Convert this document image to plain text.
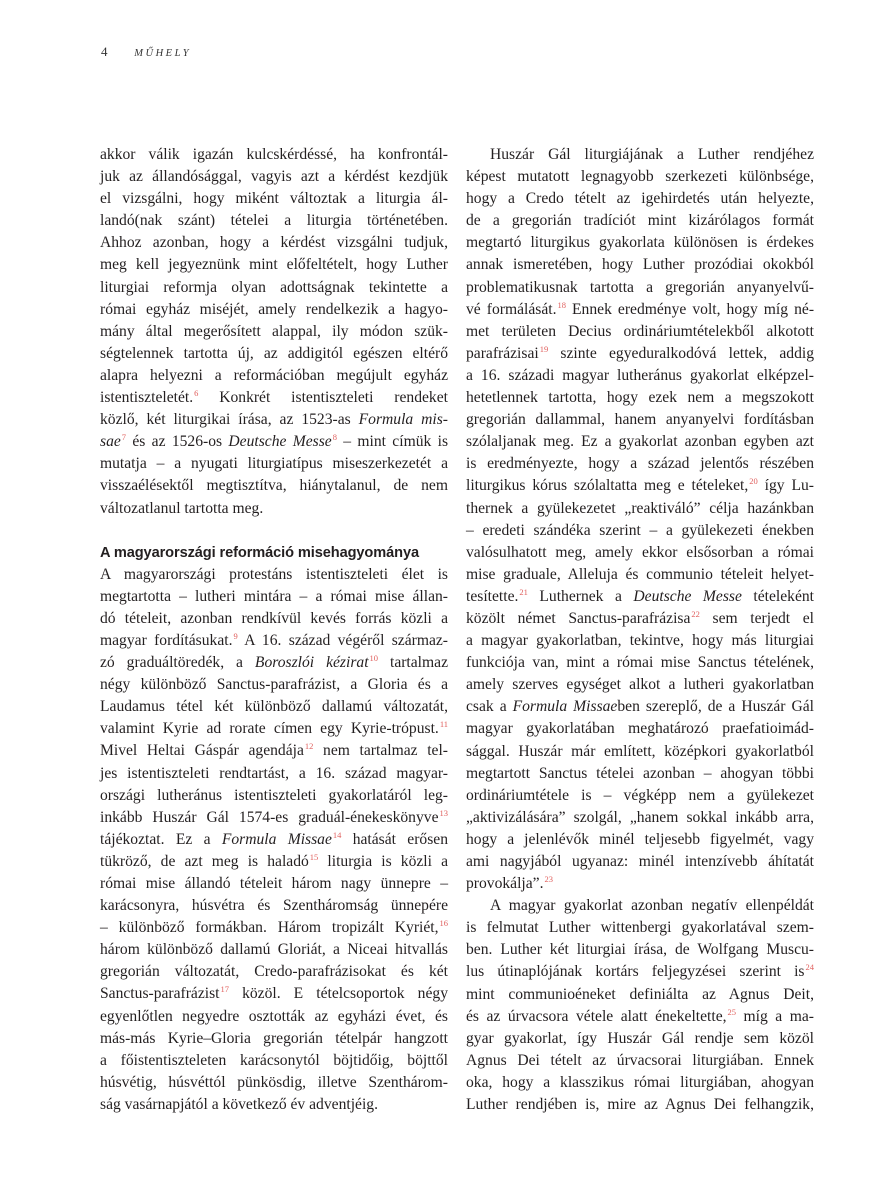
4	MŰHELY
akkor válik igazán kulcskérdéssé, ha konfrontál-
juk az állandósággal, vagyis azt a kérdést kezdjük
el vizsgálni, hogy miként változtak a liturgia ál-
landó(nak szánt) tételei a liturgia történetében.
Ahhoz azonban, hogy a kérdést vizsgálni tudjuk,
meg kell jegyeznünk mint előfeltételt, hogy Luther
liturgiai reformja olyan adottságnak tekintette a
római egyház miséjét, amely rendelkezik a hagyo-
mány által megerősített alappal, ily módon szük-
ségtelennek tartotta új, az addigitól egészen eltérő
alapra helyezni a reformációban megújult egyház
istentiszteletét.$^6$ Konkrét istentiszteleti rendeket
közlő, két liturgikai írása, az 1523-as Formula mis-
sae$^7$ és az 1526-os Deutsche Messe$^8$ – mint címük is
mutatja – a nyugati liturgiatípus miseszerkezetét a
visszaélésektől megtisztítva, hiánytalanul, de nem
változatlanul tartotta meg.
A magyarországi reformáció misehagyománya
A magyarországi protestáns istentiszteleti élet is
megtartotta – lutheri mintára – a római mise állan-
dó tételeit, azonban rendkívül kevés forrás közli a
magyar fordításukat.$^9$ A 16. század végéről származ-
zó graduáltöredék, a Boroszlói kézirat$^{10}$ tartalmaz
négy különböző Sanctus-parafrázist, a Gloria és a
Laudamus tétel két különböző dallamú változatát,
valamint Kyrie ad rorate címen egy Kyrie-trópust.$^{11}$
Mivel Heltai Gáspár agendája$^{12}$ nem tartalmaz tel-
jes istentiszteleti rendtartást, a 16. század magyar-
országi lutheránus istentiszteleti gyakorlatáról leg-
inkább Huszár Gál 1574-es graduál-énekeskönyve$^{13}$
tájékoztat. Ez a Formula Missae$^{14}$ hatását erősen
tükröző, de azt meg is haladó$^{15}$ liturgia is közli a
római mise állandó tételeit három nagy ünnepre –
karácsonyra, húsvétra és Szentháromság ünnepére
– különböző formákban. Három tropizált Kyriét,$^{16}$
három különböző dallamú Gloriát, a Niceai hitvallás
gregorián változatát, Credo-parafrázisokat és két
Sanctus-parafrázist$^{17}$ közöl. E tételcsoportok négy
egyenlőtlen negyedre osztották az egyházi évet, és
más-más Kyrie–Gloria gregorián tételpár hangzott
a főistentiszteleten karácsonytól böjtidőig, böjttől
húsvétig, húsvéttól pünkösdig, illetve Szenthárom-
ság vasárnapjától a következő év adventjéig.
Huszár Gál liturgiájának a Luther rendjéhez
képest mutatott legnagyobb szerkezeti különbsége,
hogy a Credo tételt az igehirdetés után helyezte,
de a gregorián tradíciót mint kizárólagos formát
megtartó liturgikus gyakorlata különösen is érdekes
annak ismeretében, hogy Luther prozódiai okokból
problematikusnak tartotta a gregorián anyanyelvű-
vé formálását.$^{18}$ Ennek eredménye volt, hogy míg né-
met területen Decius ordináriumtételekből alkotott
parafrázisai$^{19}$ szinte egyeduralkodóvá lettek, addig
a 16. századi magyar lutheránus gyakorlat elképzel-
hetetlennek tartotta, hogy ezek nem a megszokott
gregorián dallammal, hanem anyanyelvi fordításban
szólaljanak meg. Ez a gyakorlat azonban egyben azt
is eredményezte, hogy a század jelentős részében
liturgikus kórus szólaltatta meg e tételeket,$^{20}$ így Lu-
thernek a gyülekezetet „reaktiváló” célja hazánkban
– eredeti szándéka szerint – a gyülekezeti énekben
valósulhatott meg, amely ekkor elsősorban a római
mise graduale, Alleluja és communio tételeit helyet-
tesítette.$^{21}$ Luthernek a Deutsche Messe tételeként
közölt német Sanctus-parafrázisa$^{22}$ sem terjedt el
a magyar gyakorlatban, tekintve, hogy más liturgiai
funkciója van, mint a római mise Sanctus tételének,
amely szerves egységet alkot a lutheri gyakorlatban
csak a Formula Missaeben szereplő, de a Huszár Gál
magyar gyakorlatában meghatározó praefatioimád-
sággal. Huszár már említett, középkori gyakorlatból
megtartott Sanctus tételei azonban – ahogyan többi
ordináriumtétele is – végképp nem a gyülekezet
„aktivizálására” szolgál, „hanem sokkal inkább arra,
hogy a jelenlévők minél teljesebb figyelmét, vagy
ami nagyjából ugyanaz: minél intenzívebb áhítatát
provokálja”.$^{23}$
A magyar gyakorlat azonban negatív ellenpéldát
is felmutat Luther wittenbergi gyakorlatával szem-
ben. Luther két liturgiai írása, de Wolfgang Muscu-
lus útinaplójának kortárs feljegyzései szerint is$^{24}$
mint communioéneket definiálta az Agnus Deit,
és az úrvacsora vétele alatt énekeltette,$^{25}$ míg a ma-
gyar gyakorlat, így Huszár Gál rendje sem közöl
Agnus Dei tételt az úrvacsorai liturgiában. Ennek
oka, hogy a klasszikus római liturgiában, ahogyan
Luther rendjében is, mire az Agnus Dei felhangzik,
